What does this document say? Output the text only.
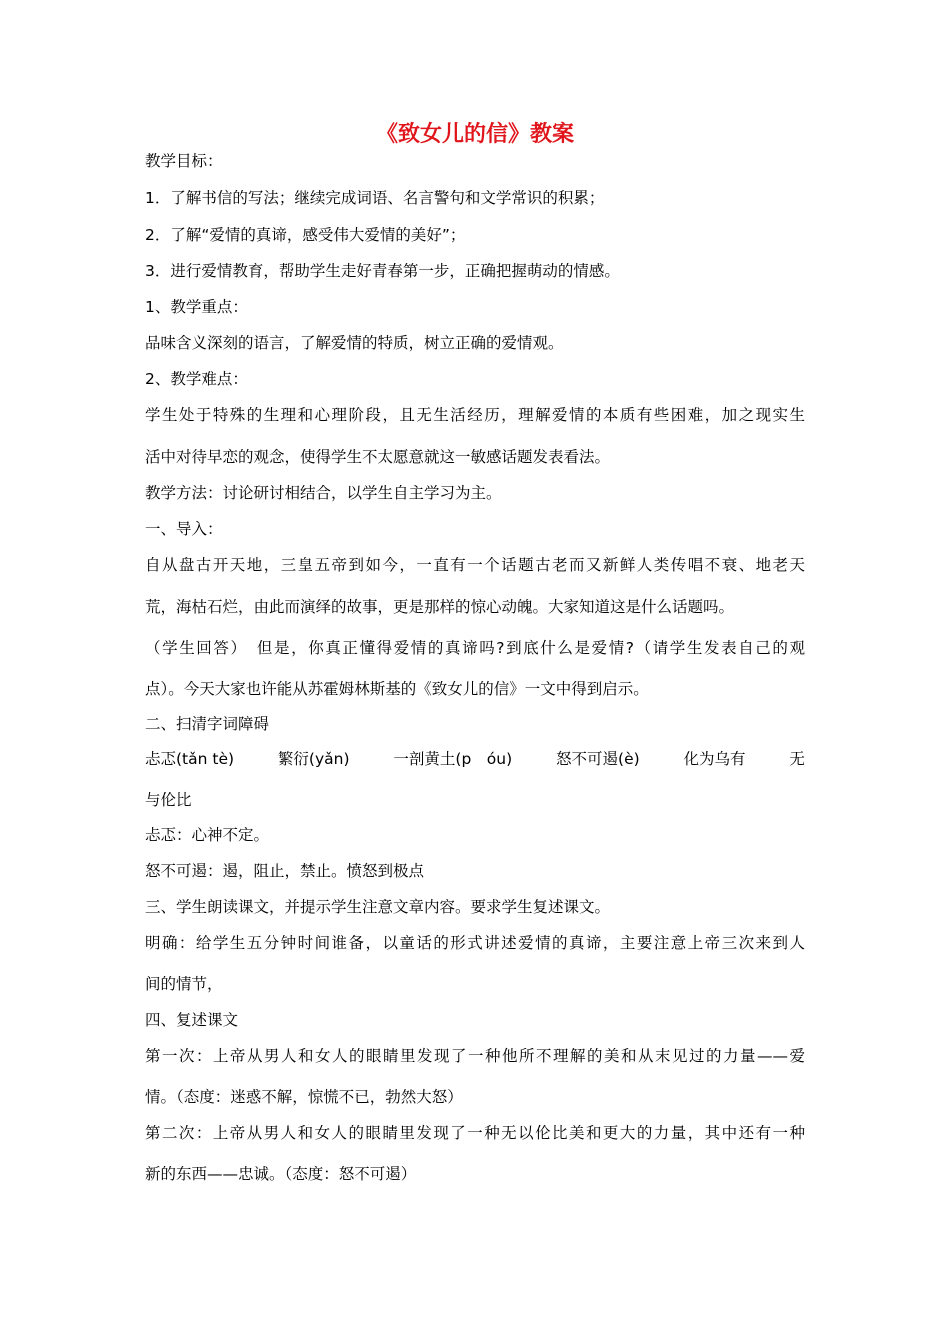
《致女儿的信》教案

教学目标：

1．了解书信的写法；继续完成词语、名言警句和文学常识的积累；

2．了解“爱情的真谛，感受伟大爱情的美好”；

3．进行爱情教育，帮助学生走好青春第一步，正确把握萌动的情感。

1、教学重点：

品味含义深刻的语言，了解爱情的特质，树立正确的爱情观。

2、教学难点：

学生处于特殊的生理和心理阶段，且无生活经历，理解爱情的本质有些困难，加之现实生

活中对待早恋的观念，使得学生不太愿意就这一敏感话题发表看法。

教学方法：讨论研讨相结合，以学生自主学习为主。

一、导入：

自从盘古开天地，三皇五帝到如今，一直有一个话题古老而又新鲜人类传唱不衰、地老天

荒，海枯石烂，由此而演绎的故事，更是那样的惊心动魄。大家知道这是什么话题吗。

（学生回答）　但是，你真正懂得爱情的真谛吗?到底什么是爱情?（请学生发表自己的观

点）。今天大家也许能从苏霍姆林斯基的《致女儿的信》一文中得到启示。

二、扫清字词障碍

忐忑(tǎn tè)	繁衍(yǎn)	一剖黄土(p　óu)	怒不可遏(è)	化为乌有	无

与伦比

忐忑：心神不定。

怒不可遏：遏，阻止，禁止。愤怒到极点

三、学生朗读课文，并提示学生注意文章内容。要求学生复述课文。

明确：给学生五分钟时间谁备，以童话的形式讲述爱情的真谛，主要注意上帝三次来到人

间的情节，

四、复述课文

第一次：上帝从男人和女人的眼睛里发现了一种他所不理解的美和从末见过的力量——爱

情。（态度：迷惑不解，惊慌不已，勃然大怒）

第二次：上帝从男人和女人的眼睛里发现了一种无以伦比美和更大的力量，其中还有一种

新的东西——忠诚。（态度：怒不可遏）
